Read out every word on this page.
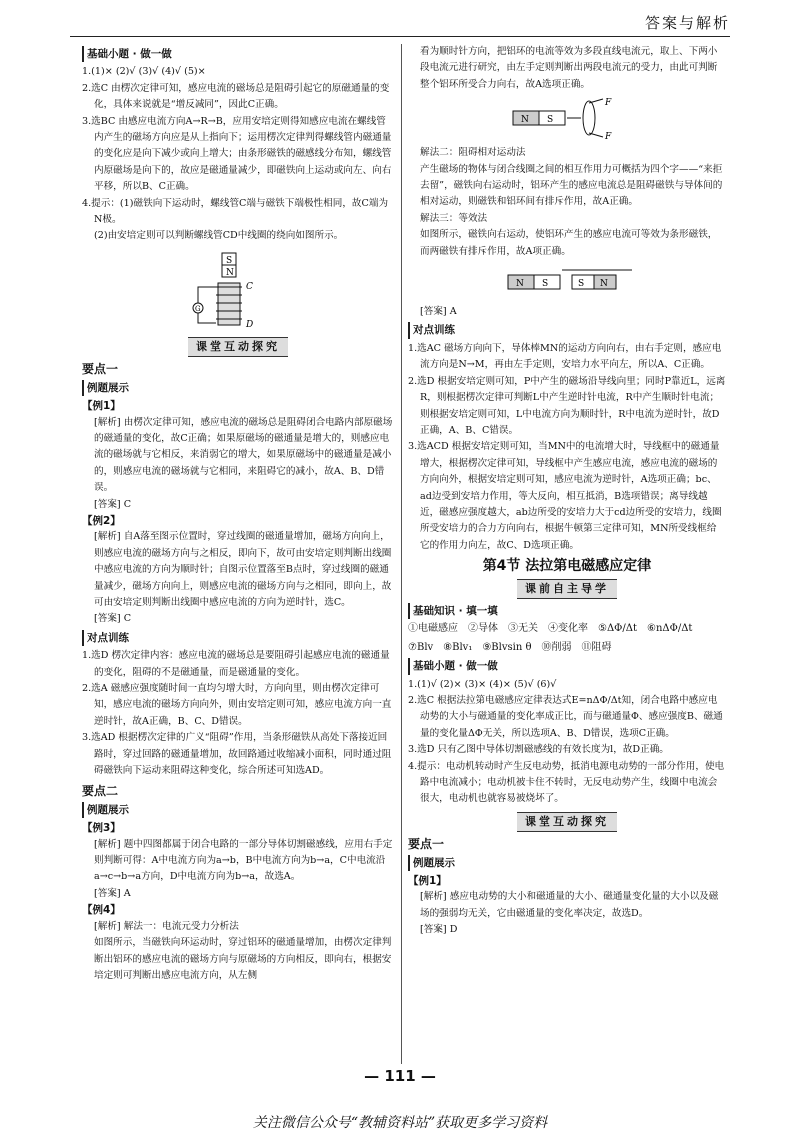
答案与解析
基础小题 · 做一做

1.(1)× (2)√ (3)√ (4)√ (5)×

2.选C 由楞次定律可知，感应电流的磁场总是阻碍引起它的原磁通量的变化，具体来说就是“增反减同”，因此C正确。

3.选BC 由感应电流方向A→R→B，应用安培定则得知感应电流在螺线管内产生的磁场方向应是从上指向下；运用楞次定律判得螺线管内磁通量的变化应是向下减少或向上增大；由条形磁铁的磁感线分布知，螺线管内原磁场是向下的，故应是磁通量减少，即磁铁向上运动或向左、向右平移，所以B、C正确。

4.提示：(1)磁铁向下运动时，螺线管C端与磁铁下端极性相同，故C端为N极。

(2)由安培定则可以判断螺线管CD中线圈的绕向如图所示。

S
N
G
C
D
课堂互动探究
要点一
例题展示
【例1】

[解析] 由楞次定律可知，感应电流的磁场总是阻碍闭合电路内部原磁场的磁通量的变化，故C正确；如果原磁场的磁通量是增大的，则感应电流的磁场就与它相反，来消弱它的增大，如果原磁场中的磁通量是减小的，则感应电流的磁场就与它相同，来阻碍它的减小，故A、B、D错误。

[答案] C

【例2】

[解析] 自A落至图示位置时，穿过线圈的磁通量增加，磁场方向向上，则感应电流的磁场方向与之相反，即向下，故可由安培定则判断出线圈中感应电流的方向为顺时针；自图示位置落至B点时，穿过线圈的磁通量减少，磁场方向向上，则感应电流的磁场方向与之相同，即向上，故可由安培定则判断出线圈中感应电流的方向为逆时针，选C。

[答案] C

对点训练

1.选D 楞次定律内容：感应电流的磁场总是要阻碍引起感应电流的磁通量的变化，阻碍的不是磁通量，而是磁通量的变化。

2.选A 磁感应强度随时间一直均匀增大时，方向向里，则由楞次定律可知，感应电流的磁场方向向外，则由安培定则可知，感应电流方向一直逆时针，故A正确，B、C、D错误。

3.选AD 根据楞次定律的广义“阻碍”作用，当条形磁铁从高处下落接近回路时，穿过回路的磁通量增加，故回路通过收缩减小面积，同时通过阻碍磁铁向下运动来阻碍这种变化，综合所述可知选AD。

要点二
例题展示
【例3】

[解析] 题中四图都属于闭合电路的一部分导体切割磁感线，应用右手定则判断可得：A中电流方向为a→b，B中电流方向为b→a，C中电流沿a→c→b→a方向，D中电流方向为b→a，故选A。

[答案] A

【例4】

[解析] 解法一：电流元受力分析法

如图所示，当磁铁向环运动时，穿过铝环的磁通量增加，由楞次定律判断出铝环的感应电流的磁场方向与原磁场的方向相反，即向右，根据安培定则可判断出感应电流方向，从左侧

看为顺时针方向，把铝环的电流等效为多段直线电流元，取上、下两小段电流元进行研究，由左手定则判断出两段电流元的受力，由此可判断整个铝环所受合力向右，故A选项正确。

N S
F
F

解法二：阻碍相对运动法

产生磁场的物体与闭合线圈之间的相互作用力可概括为四个字——“来拒去留”，磁铁向右运动时，铝环产生的感应电流总是阻碍磁铁与导体间的相对运动，则磁铁和铝环间有排斥作用，故A正确。

解法三：等效法

如图所示，磁铁向右运动，使铝环产生的感应电流可等效为条形磁铁，而两磁铁有排斥作用，故A项正确。

N S	S N

[答案] A

对点训练

1.选AC 磁场方向向下，导体棒MN的运动方向向右，由右手定则，感应电流方向是N→M，再由左手定则，安培力水平向左，所以A、C正确。

2.选D 根据安培定则可知，P中产生的磁场沿导线向里；同时P靠近L，远离R，则根据楞次定律可判断L中产生逆时针电流，R中产生顺时针电流；则根据安培定则可知，L中电流方向为顺时针，R中电流为逆时针，故D正确，A、B、C错误。

3.选ACD 根据安培定则可知，当MN中的电流增大时，导线框中的磁通量增大，根据楞次定律可知，导线框中产生感应电流，感应电流的磁场的方向向外，根据安培定则可知，感应电流为逆时针，A选项正确；bc、ad边受到安培力作用，等大反向，相互抵消，B选项错误；离导线越近，磁感应强度越大，ab边所受的安培力大于cd边所受的安培力，线圈所受安培力的合力方向向右，根据牛顿第三定律可知，MN所受线框给它的作用力向左，故C、D选项正确。

第4节 法拉第电磁感应定律
课前自主导学
基础知识 · 填一填
①电磁感应 ②导体 ③无关 ④变化率 ⑤ΔΦ/Δt ⑥nΔΦ/Δt
⑦Blv ⑧Blv₁ ⑨Blvsin θ ⑩削弱 ⑪阻碍
基础小题 · 做一做

1.(1)√ (2)× (3)× (4)× (5)√ (6)√

2.选C 根据法拉第电磁感应定律表达式E=nΔΦ/Δt知，闭合电路中感应电动势的大小与磁通量的变化率成正比，而与磁通量Φ、感应强度B、磁通量的变化量ΔΦ无关，所以选项A、B、D错误，选项C正确。

3.选D 只有乙图中导体切割磁感线的有效长度为l，故D正确。

4.提示：电动机转动时产生反电动势，抵消电源电动势的一部分作用，使电路中电流减小；电动机被卡住不转时，无反电动势产生，线圈中电流会很大，电动机也就容易被烧坏了。

课堂互动探究
要点一
例题展示
【例1】

[解析] 感应电动势的大小和磁通量的大小、磁通量变化量的大小以及磁场的强弱均无关，它由磁通量的变化率决定，故选D。

[答案] D

— 111 —
关注微信公众号“教辅资料站”获取更多学习资料
